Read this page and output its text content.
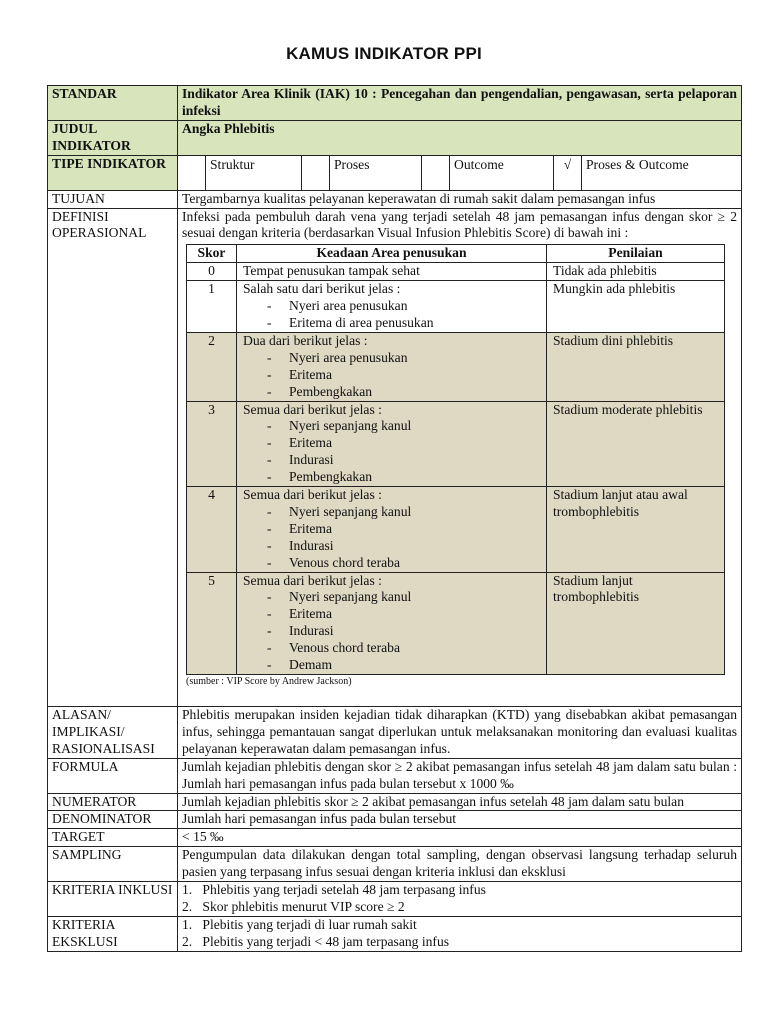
KAMUS INDIKATOR PPI
STANDAR	Indikator Area Klinik (IAK) 10 : Pencegahan dan pengendalian, pengawasan, serta pelaporan infeksi
JUDUL INDIKATOR	Angka Phlebitis
TIPE INDIKATOR	Struktur	Proses	Outcome	√	Proses & Outcome

TUJUAN	Tergambarnya kualitas pelayanan keperawatan di rumah sakit dalam pemasangan infus
DEFINISI OPERASIONAL	
Infeksi pada pembuluh darah vena yang terjadi setelah 48 jam pemasangan infus dengan skor ≥ 2 sesuai dengan kriteria (berdasarkan Visual Infusion Phlebitis Score) di bawah ini :
Skor	Keadaan Area penusukan	Penilaian
0	Tempat penusukan tampak sehat	Tidak ada phlebitis
1	Salah satu dari berikut jelas :
- Nyeri area penusukan
- Eritema di area penusukan
	Mungkin ada phlebitis
2	Dua dari berikut jelas :
- Nyeri area penusukan
- Eritema
- Pembengkakan
	Stadium dini phlebitis
3	Semua dari berikut jelas :
- Nyeri sepanjang kanul
- Eritema
- Indurasi
- Pembengkakan
	Stadium moderate phlebitis
4	Semua dari berikut jelas :
- Nyeri sepanjang kanul
- Eritema
- Indurasi
- Venous chord teraba
	Stadium lanjut atau awal trombophlebitis
5	Semua dari berikut jelas :
- Nyeri sepanjang kanul
- Eritema
- Indurasi
- Venous chord teraba
- Demam
	Stadium lanjut trombophlebitis
(sumber : VIP Score by Andrew Jackson)

ALASAN/ IMPLIKASI/ RASIONALISASI	Phlebitis merupakan insiden kejadian tidak diharapkan (KTD) yang disebabkan akibat pemasangan infus, sehingga pemantauan sangat diperlukan untuk melaksanakan monitoring dan evaluasi kualitas pelayanan keperawatan dalam pemasangan infus.
FORMULA	Jumlah kejadian phlebitis dengan skor ≥ 2 akibat pemasangan infus setelah 48 jam dalam satu bulan : Jumlah hari pemasangan infus pada bulan tersebut x 1000 ‰
NUMERATOR	Jumlah kejadian phlebitis skor ≥ 2 akibat pemasangan infus setelah 48 jam dalam satu bulan
DENOMINATOR	Jumlah hari pemasangan infus pada bulan tersebut
TARGET	< 15 ‰
SAMPLING	Pengumpulan data dilakukan dengan total sampling, dengan observasi langsung terhadap seluruh pasien yang terpasang infus sesuai dengan kriteria inklusi dan eksklusi
KRITERIA INKLUSI	1.   Phlebitis yang terjadi setelah 48 jam terpasang infus
2.   Skor phlebitis menurut VIP score ≥ 2

KRITERIA EKSKLUSI	
1.   Plebitis yang terjadi di luar rumah sakit
2.   Plebitis yang terjadi < 48 jam terpasang infus
